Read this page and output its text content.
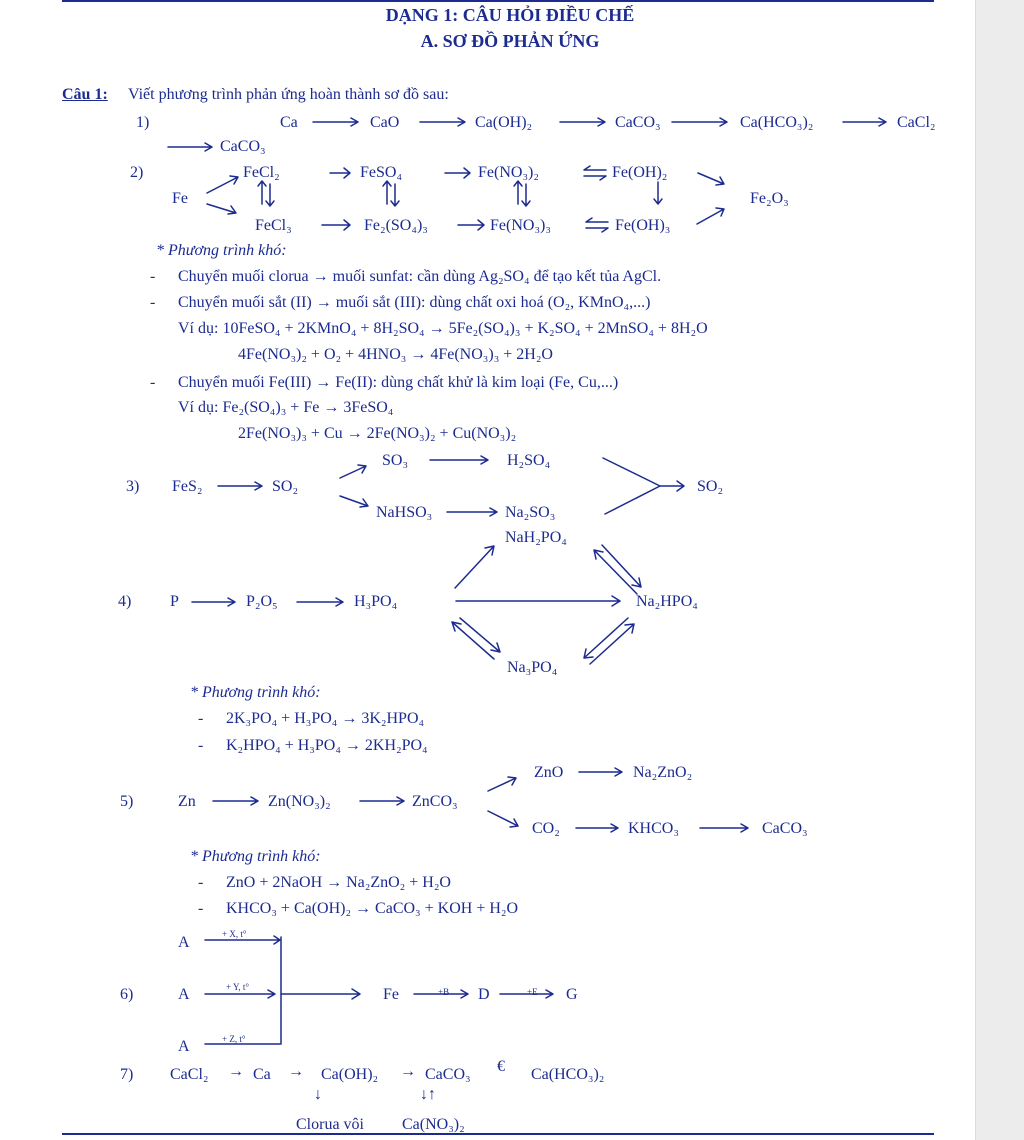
DẠNG 1: CÂU HỎI ĐIỀU CHẾ
A. SƠ ĐỒ PHẢN ỨNG
Câu 1: Viết phương trình phản ứng hoàn thành sơ đồ sau:
1)	Ca	CaO	Ca(OH)₂	CaCO₃	Ca(HCO₃)₂	CaCl₂
CaCO₃
2)
Fe
FeCl₂	FeSO₄	Fe(NO₃)₂	Fe(OH)₂
FeCl₃	Fe₂(SO₄)₃	Fe(NO₃)₃	Fe(OH)₃
Fe₂O₃
* Phương trình khó:
- Chuyển muối clorua → muối sunfat: cần dùng Ag₂SO₄ để tạo kết tủa AgCl.
- Chuyển muối sắt (II) → muối sắt (III): dùng chất oxi hoá (O₂, KMnO₄,...)
Ví dụ: 10FeSO₄ + 2KMnO₄ + 8H₂SO₄ → 5Fe₂(SO₄)₃ + K₂SO₄ + 2MnSO₄ + 8H₂O
4Fe(NO₃)₂ + O₂ + 4HNO₃ → 4Fe(NO₃)₃ + 2H₂O
- Chuyển muối Fe(III) → Fe(II): dùng chất khử là kim loại (Fe, Cu,...)
Ví dụ: Fe₂(SO₄)₃ + Fe → 3FeSO₄
2Fe(NO₃)₃ + Cu → 2Fe(NO₃)₂ + Cu(NO₃)₂
3) FeS₂	SO₂
SO₃	H₂SO₄
NaHSO₃	Na₂SO₃
SO₂
4) P	P₂O₅	H₃PO₄
NaH₂PO₄
Na₂HPO₄
Na₃PO₄
* Phương trình khó:
- 2K₃PO₄ + H₃PO₄ → 3K₂HPO₄
- K₂HPO₄ + H₃PO₄ → 2KH₂PO₄
5)	Zn	Zn(NO₃)₂	ZnCO₃
ZnO	Na₂ZnO₂
CO₂	KHCO₃	CaCO₃
* Phương trình khó:
- ZnO + 2NaOH → Na₂ZnO₂ + H₂O
- KHCO₃ + Ca(OH)₂ → CaCO₃ + KOH + H₂O
6)
A
A
A
+ X, t°
+ Y, t°
+ Z, t°
Fe	+B D	+E G
7) CaCl₂ → Ca → Ca(OH)₂ → CaCO₃ € Ca(HCO₃)₂
↓	↓↑
Clorua vôi Ca(NO₃)₂
